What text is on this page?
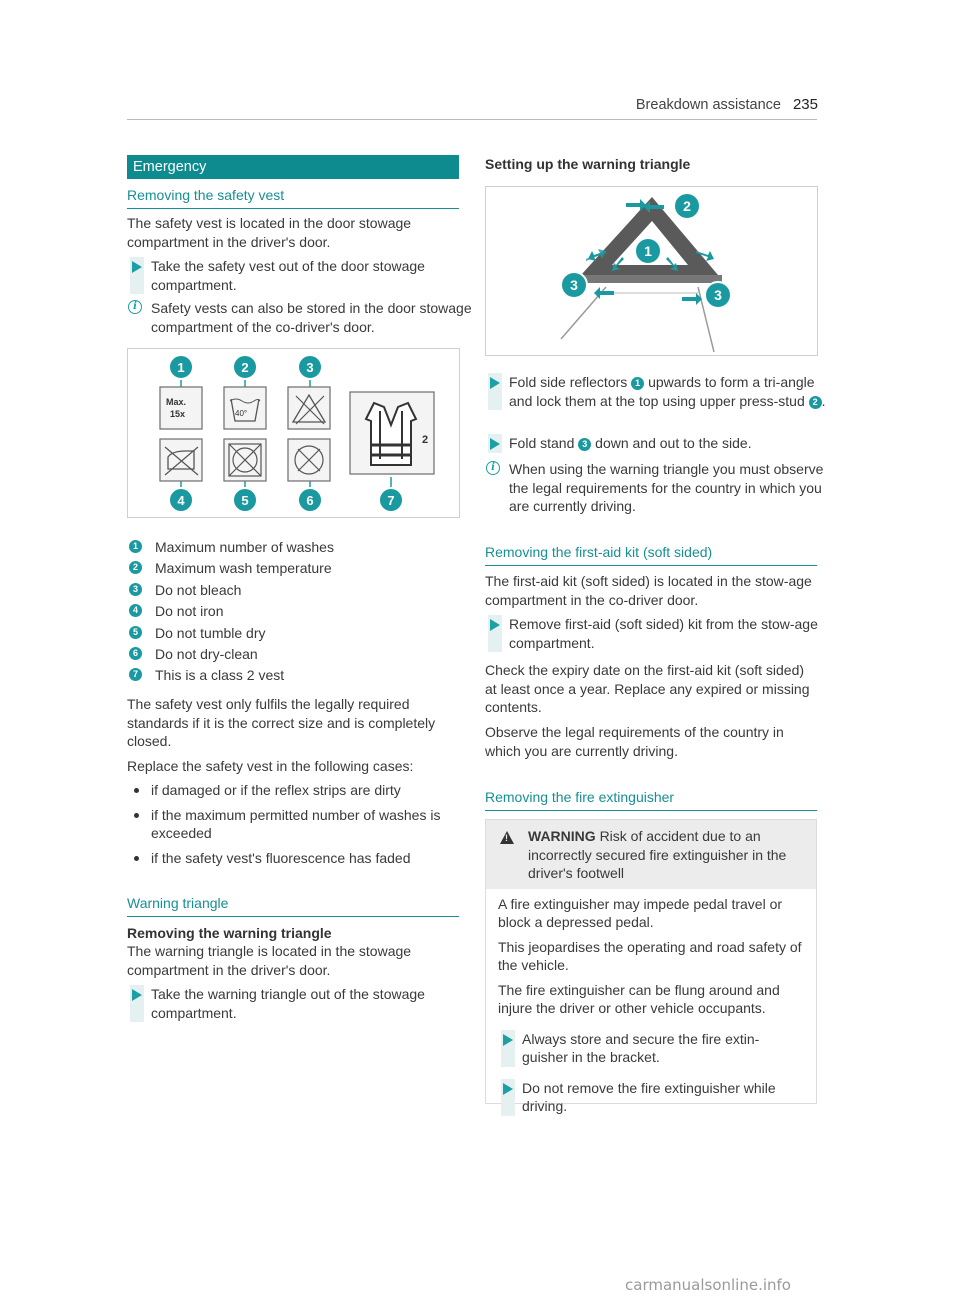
Breakdown assistance 235
Emergency
Removing the safety vest

The safety vest is located in the door stowage compartment in the driver's door.

Take the safety vest out of the door stowage compartment.
i	Safety vests can also be stored in the door stowage compartment of the co-driver's door.
Max.
15x	40°
2
1	2	3
4	5	6	7
1 Maximum number of washes
2 Maximum wash temperature
3 Do not bleach
4 Do not iron
5 Do not tumble dry
6 Do not dry-clean
7 This is a class 2 vest

The safety vest only fulfils the legally required standards if it is the correct size and is completely closed.

Replace the safety vest in the following cases:

if damaged or if the reflex strips are dirty
if the maximum permitted number of washes is exceeded
if the safety vest's fluorescence has faded
Warning triangle
Removing the warning triangle

The warning triangle is located in the stowage compartment in the driver's door.

Take the warning triangle out of the stowage compartment.
Setting up the warning triangle
1
2
3
3
Fold side reflectors 1 upwards to form a tri-angle and lock them at the top using upper press-stud 2 .
Fold stand 3 down and out to the side.
i	When using the warning triangle you must observe the legal requirements for the country in which you are currently driving.
Removing the first-aid kit (soft sided)

The first-aid kit (soft sided) is located in the stow-age compartment in the co-driver door.

Remove first-aid (soft sided) kit from the stow-age compartment.

Check the expiry date on the first-aid kit (soft sided) at least once a year. Replace any expired or missing contents.

Observe the legal requirements of the country in which you are currently driving.

Removing the fire extinguisher
!
WARNING Risk of accident due to an incorrectly secured fire extinguisher in the driver's footwell

A fire extinguisher may impede pedal travel or block a depressed pedal.

This jeopardises the operating and road safety of the vehicle.

The fire extinguisher can be flung around and injure the driver or other vehicle occupants.

Always store and secure the fire extin-guisher in the bracket.
Do not remove the fire extinguisher while driving.
carmanualsonline.info
